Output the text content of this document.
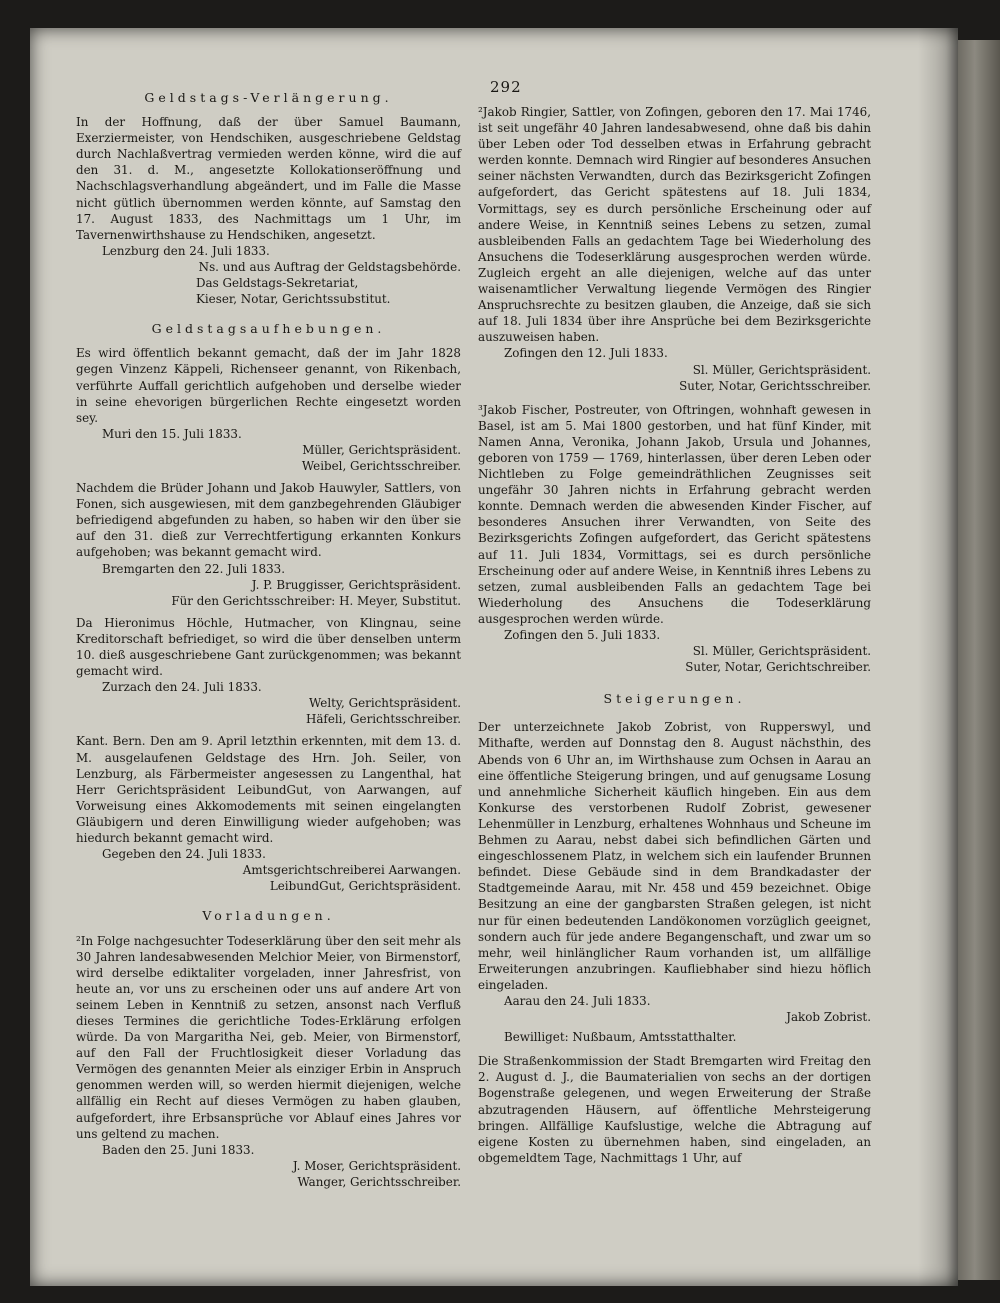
292
Geldstags-Verlängerung.

In der Hoffnung, daß der über Samuel Baumann, Exerziermeister, von Hendschiken, ausgeschriebene Geldstag durch Nachlaßvertrag vermieden werden könne, wird die auf den 31. d. M., angesetzte Kollokationseröffnung und Nachschlagsverhandlung abgeändert, und im Falle die Masse nicht gütlich übernommen werden könnte, auf Samstag den 17. August 1833, des Nachmittags um 1 Uhr, im Tavernenwirthshause zu Hendschiken, angesetzt.

Lenzburg den 24. Juli 1833.

Ns. und aus Auftrag der Geldstagsbehörde.

Das Geldstags-Sekretariat,

Kieser, Notar, Gerichtssubstitut.

Geldstagsaufhebungen.

Es wird öffentlich bekannt gemacht, daß der im Jahr 1828 gegen Vinzenz Käppeli, Richenseer genannt, von Rikenbach, verführte Auffall gerichtlich aufgehoben und derselbe wieder in seine ehevorigen bürgerlichen Rechte eingesetzt worden sey.

Muri den 15. Juli 1833.

Müller, Gerichtspräsident.

Weibel, Gerichtsschreiber.

Nachdem die Brüder Johann und Jakob Hauwyler, Sattlers, von Fonen, sich ausgewiesen, mit dem ganzbegehrenden Gläubiger befriedigend abgefunden zu haben, so haben wir den über sie auf den 31. dieß zur Verrechtfertigung erkannten Konkurs aufgehoben; was bekannt gemacht wird.

Bremgarten den 22. Juli 1833.

J. P. Bruggisser, Gerichtspräsident.

Für den Gerichtsschreiber: H. Meyer, Substitut.

Da Hieronimus Höchle, Hutmacher, von Klingnau, seine Kreditorschaft befriediget, so wird die über denselben unterm 10. dieß ausgeschriebene Gant zurückgenommen; was bekannt gemacht wird.

Zurzach den 24. Juli 1833.

Welty, Gerichtspräsident.

Häfeli, Gerichtsschreiber.

Kant. Bern. Den am 9. April letzthin erkennten, mit dem 13. d. M. ausgelaufenen Geldstage des Hrn. Joh. Seiler, von Lenzburg, als Färbermeister angesessen zu Langenthal, hat Herr Gerichtspräsident LeibundGut, von Aarwangen, auf Vorweisung eines Akkomodements mit seinen eingelangten Gläubigern und deren Einwilligung wieder aufgehoben; was hiedurch bekannt gemacht wird.

Gegeben den 24. Juli 1833.

Amtsgerichtschreiberei Aarwangen.

LeibundGut, Gerichtspräsident.

Vorladungen.

²In Folge nachgesuchter Todeserklärung über den seit mehr als 30 Jahren landesabwesenden Melchior Meier, von Birmenstorf, wird derselbe ediktaliter vorgeladen, inner Jahresfrist, von heute an, vor uns zu erscheinen oder uns auf andere Art von seinem Leben in Kenntniß zu setzen, ansonst nach Verfluß dieses Termines die gerichtliche Todes-Erklärung erfolgen würde. Da von Margaritha Nei, geb. Meier, von Birmenstorf, auf den Fall der Fruchtlosigkeit dieser Vorladung das Vermögen des genannten Meier als einziger Erbin in Anspruch genommen werden will, so werden hiermit diejenigen, welche allfällig ein Recht auf dieses Vermögen zu haben glauben, aufgefordert, ihre Erbsansprüche vor Ablauf eines Jahres vor uns geltend zu machen.

Baden den 25. Juni 1833.

J. Moser, Gerichtspräsident.

Wanger, Gerichtsschreiber.

²Jakob Ringier, Sattler, von Zofingen, geboren den 17. Mai 1746, ist seit ungefähr 40 Jahren landesabwesend, ohne daß bis dahin über Leben oder Tod desselben etwas in Erfahrung gebracht werden konnte. Demnach wird Ringier auf besonderes Ansuchen seiner nächsten Verwandten, durch das Bezirksgericht Zofingen aufgefordert, das Gericht spätestens auf 18. Juli 1834, Vormittags, sey es durch persönliche Erscheinung oder auf andere Weise, in Kenntniß seines Lebens zu setzen, zumal ausbleibenden Falls an gedachtem Tage bei Wiederholung des Ansuchens die Todeserklärung ausgesprochen werden würde. Zugleich ergeht an alle diejenigen, welche auf das unter waisenamtlicher Verwaltung liegende Vermögen des Ringier Anspruchsrechte zu besitzen glauben, die Anzeige, daß sie sich auf 18. Juli 1834 über ihre Ansprüche bei dem Bezirksgerichte auszuweisen haben.

Zofingen den 12. Juli 1833.

Sl. Müller, Gerichtspräsident.

Suter, Notar, Gerichtsschreiber.

³Jakob Fischer, Postreuter, von Oftringen, wohnhaft gewesen in Basel, ist am 5. Mai 1800 gestorben, und hat fünf Kinder, mit Namen Anna, Veronika, Johann Jakob, Ursula und Johannes, geboren von 1759 — 1769, hinterlassen, über deren Leben oder Nichtleben zu Folge gemeindräthlichen Zeugnisses seit ungefähr 30 Jahren nichts in Erfahrung gebracht werden konnte. Demnach werden die abwesenden Kinder Fischer, auf besonderes Ansuchen ihrer Verwandten, von Seite des Bezirksgerichts Zofingen aufgefordert, das Gericht spätestens auf 11. Juli 1834, Vormittags, sei es durch persönliche Erscheinung oder auf andere Weise, in Kenntniß ihres Lebens zu setzen, zumal ausbleibenden Falls an gedachtem Tage bei Wiederholung des Ansuchens die Todeserklärung ausgesprochen werden würde.

Zofingen den 5. Juli 1833.

Sl. Müller, Gerichtspräsident.

Suter, Notar, Gerichtschreiber.

Steigerungen.

Der unterzeichnete Jakob Zobrist, von Rupperswyl, und Mithafte, werden auf Donnstag den 8. August nächsthin, des Abends von 6 Uhr an, im Wirthshause zum Ochsen in Aarau an eine öffentliche Steigerung bringen, und auf genugsame Losung und annehmliche Sicherheit käuflich hingeben. Ein aus dem Konkurse des verstorbenen Rudolf Zobrist, gewesener Lehenmüller in Lenzburg, erhaltenes Wohnhaus und Scheune im Behmen zu Aarau, nebst dabei sich befindlichen Gärten und eingeschlossenem Platz, in welchem sich ein laufender Brunnen befindet. Diese Gebäude sind in dem Brandkadaster der Stadtgemeinde Aarau, mit Nr. 458 und 459 bezeichnet. Obige Besitzung an eine der gangbarsten Straßen gelegen, ist nicht nur für einen bedeutenden Landökonomen vorzüglich geeignet, sondern auch für jede andere Begangenschaft, und zwar um so mehr, weil hinlänglicher Raum vorhanden ist, um allfällige Erweiterungen anzubringen. Kaufliebhaber sind hiezu höflich eingeladen.

Aarau den 24. Juli 1833.

Jakob Zobrist.

Bewilliget: Nußbaum, Amtsstatthalter.

Die Straßenkommission der Stadt Bremgarten wird Freitag den 2. August d. J., die Baumaterialien von sechs an der dortigen Bogenstraße gelegenen, und wegen Erweiterung der Straße abzutragenden Häusern, auf öffentliche Mehrsteigerung bringen. Allfällige Kaufslustige, welche die Abtragung auf eigene Kosten zu übernehmen haben, sind eingeladen, an obgemeldtem Tage, Nachmittags 1 Uhr, auf
